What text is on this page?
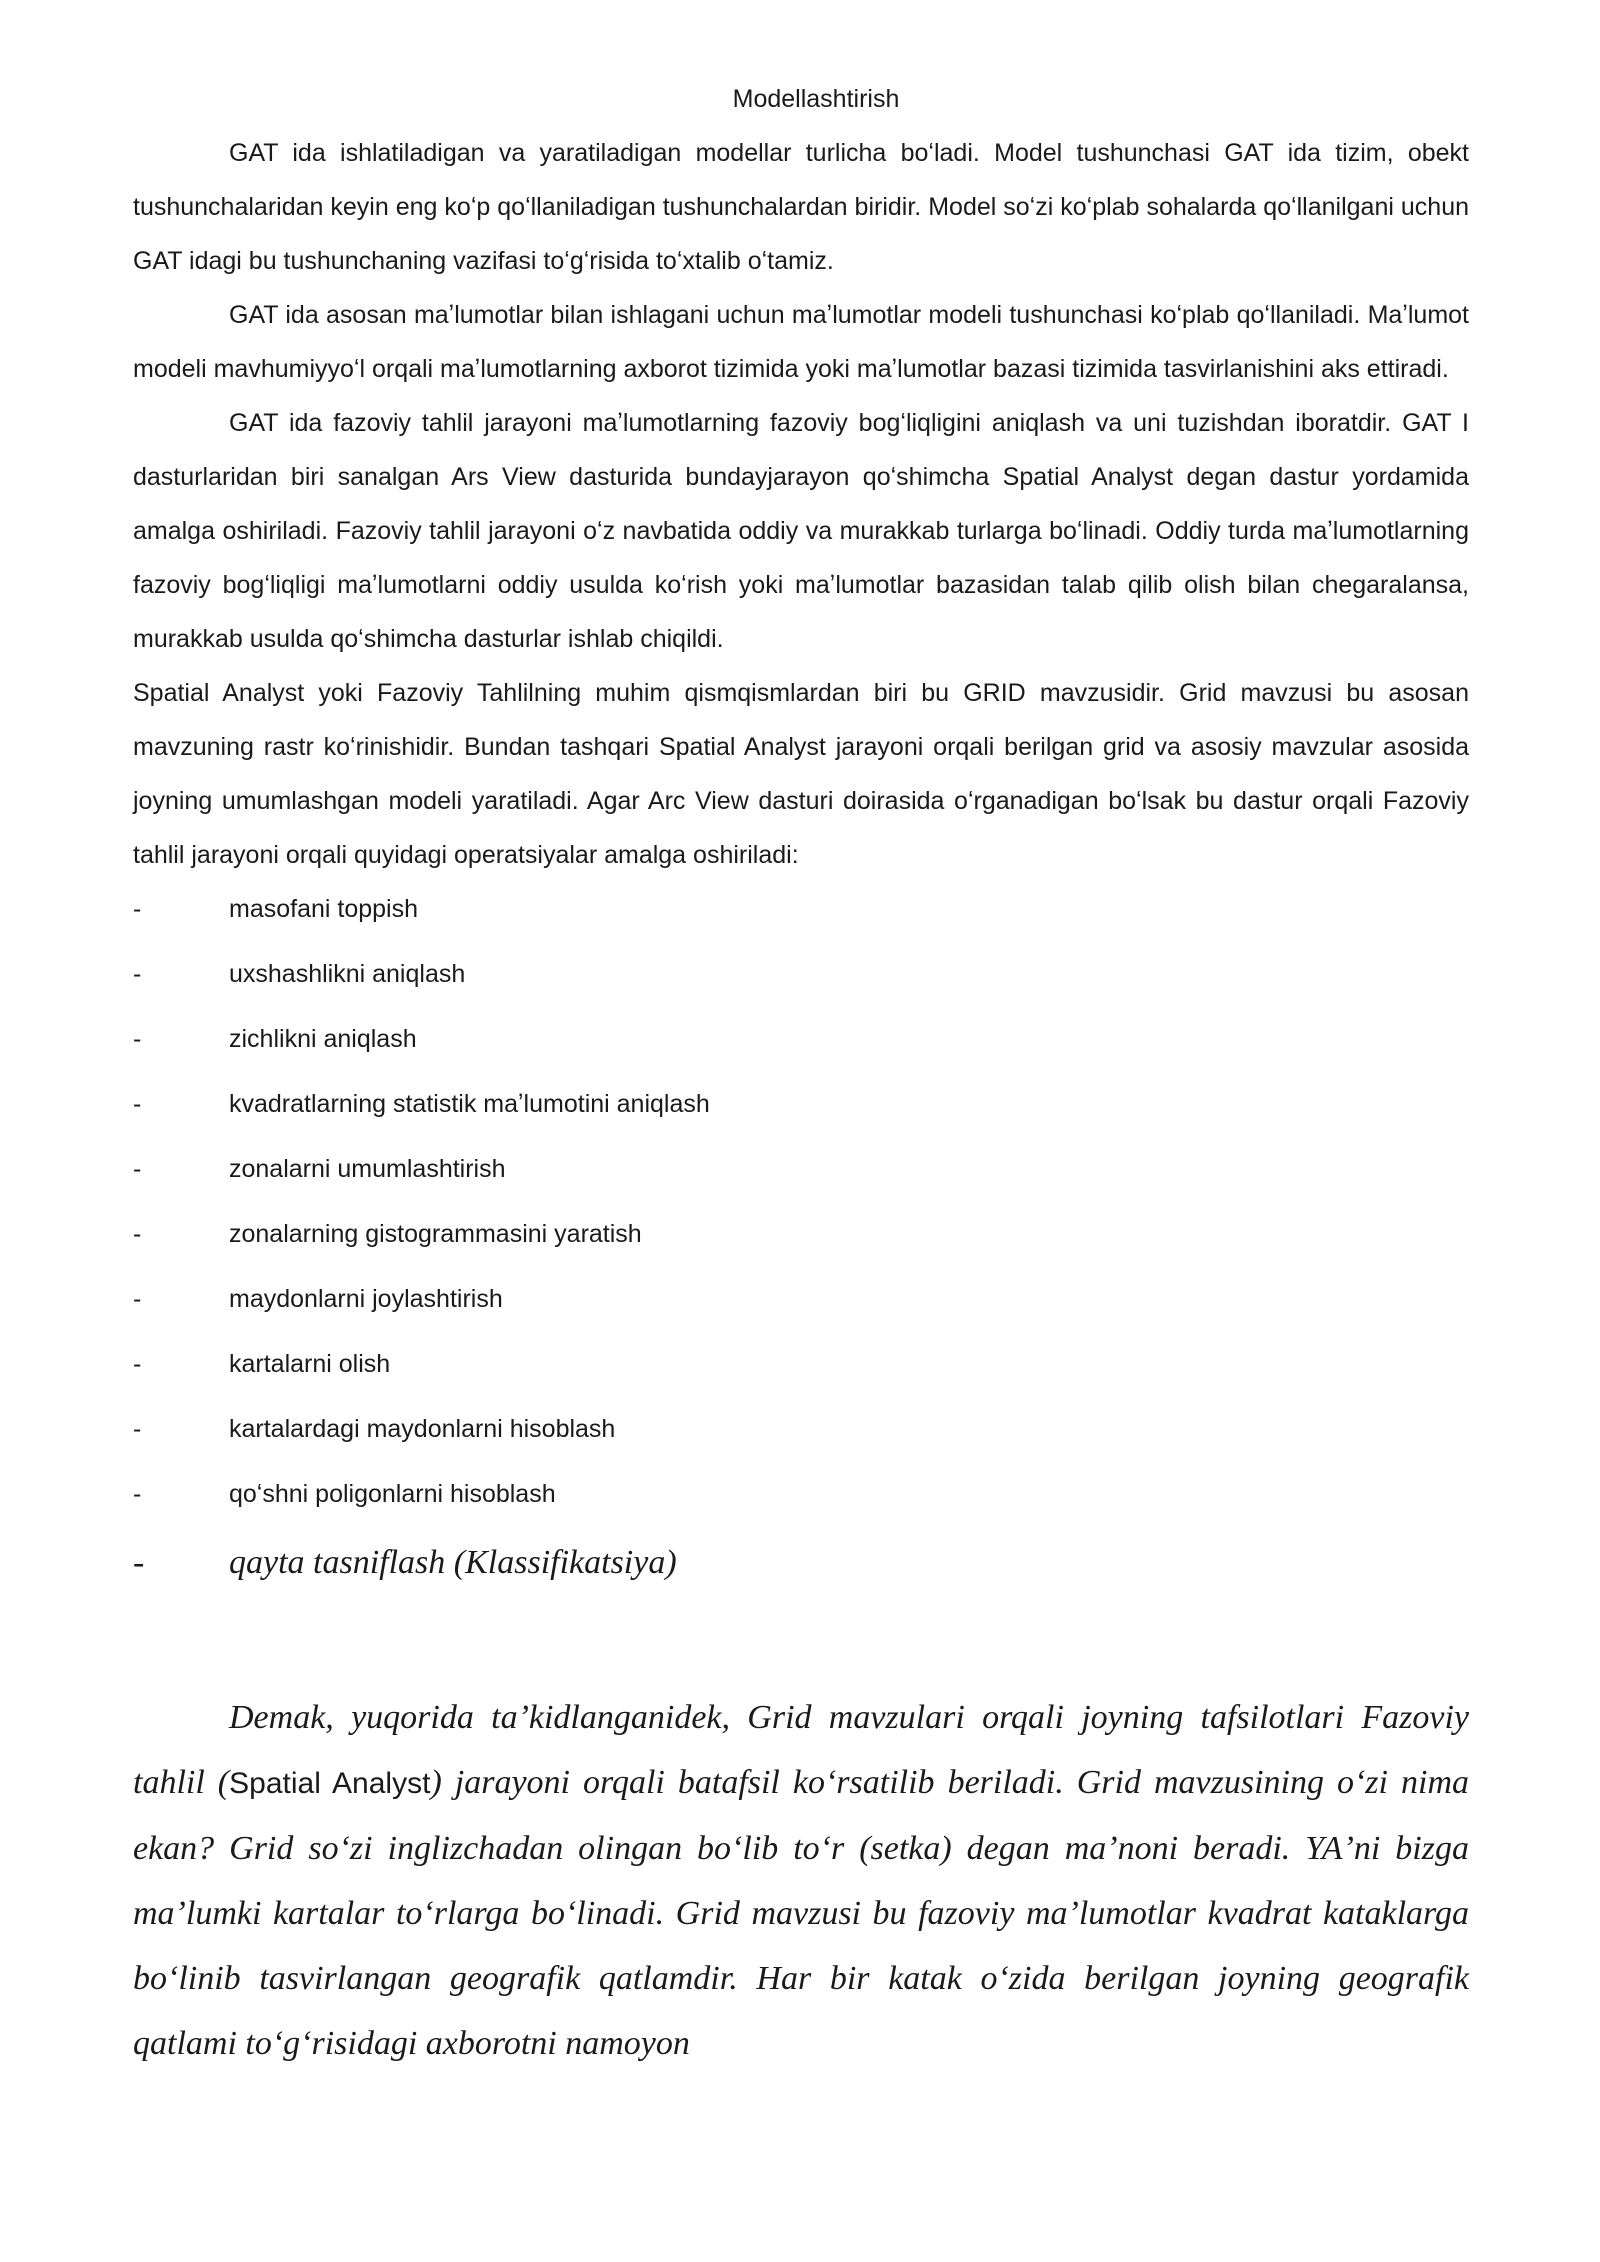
Modellashtirish

GAT ida ishlatiladigan va yaratiladigan modellar turlicha boʻladi. Model tushunchasi GAT ida tizim, obekt tushunchalaridan keyin eng koʻp qoʻllaniladigan tushunchalardan biridir. Model soʻzi koʻplab sohalarda qoʻllanilgani uchun GAT idagi bu tushunchaning vazifasi toʻgʻrisida toʻxtalib oʻtamiz.

GAT ida asosan maʼlumotlar bilan ishlagani uchun maʼlumotlar modeli tushunchasi koʻplab qoʻllaniladi. Maʼlumot modeli mavhumiyyoʻl orqali maʼlumotlarning axborot tizimida yoki maʼlumotlar bazasi tizimida tasvirlanishini aks ettiradi.

GAT ida fazoviy tahlil jarayoni maʼlumotlarning fazoviy bogʻliqligini aniqlash va uni tuzishdan iboratdir. GAT I dasturlaridan biri sanalgan Ars View dasturida bundayjarayon qoʻshimcha Spatial Analyst degan dastur yordamida amalga oshiriladi. Fazoviy tahlil jarayoni oʻz navbatida oddiy va murakkab turlarga boʻlinadi. Oddiy turda maʼlumotlarning fazoviy bogʻliqligi maʼlumotlarni oddiy usulda koʻrish yoki maʼlumotlar bazasidan talab qilib olish bilan chegaralansa, murakkab usulda qoʻshimcha dasturlar ishlab chiqildi.

Spatial Analyst yoki Fazoviy Tahlilning muhim qismqismlardan biri bu GRID mavzusidir. Grid mavzusi bu asosan mavzuning rastr koʻrinishidir. Bundan tashqari Spatial Analyst jarayoni orqali berilgan grid va asosiy mavzular asosida joyning umumlashgan modeli yaratiladi. Agar Arc View dasturi doirasida oʻrganadigan boʻlsak bu dastur orqali Fazoviy tahlil jarayoni orqali quyidagi operatsiyalar amalga oshiriladi:

-	masofani toppish
-	uxshashlikni aniqlash
-	zichlikni aniqlash
-	kvadratlarning statistik maʼlumotini aniqlash
-	zonalarni umumlashtirish
-	zonalarning gistogrammasini yaratish
-	maydonlarni joylashtirish
-	kartalarni olish
-	kartalardagi maydonlarni hisoblash
-	qoʻshni poligonlarni hisoblash
-	qayta tasniflash (Klassifikatsiya)

Demak, yuqorida taʼkidlanganidek, Grid mavzulari orqali joyning tafsilotlari Fazoviy tahlil (Spatial Analyst) jarayoni orqali batafsil koʻrsatilib beriladi. Grid mavzusining oʻzi nima ekan? Grid soʻzi inglizchadan olingan boʻlib toʻr (setka) degan maʼnoni beradi. YAʼni bizga maʼlumki kartalar toʻrlarga boʻlinadi. Grid mavzusi bu fazoviy maʼlumotlar kvadrat kataklarga boʻlinib tasvirlangan geografik qatlamdir. Har bir katak oʻzida berilgan joyning geografik qatlami toʻgʻrisidagi axborotni namoyon
